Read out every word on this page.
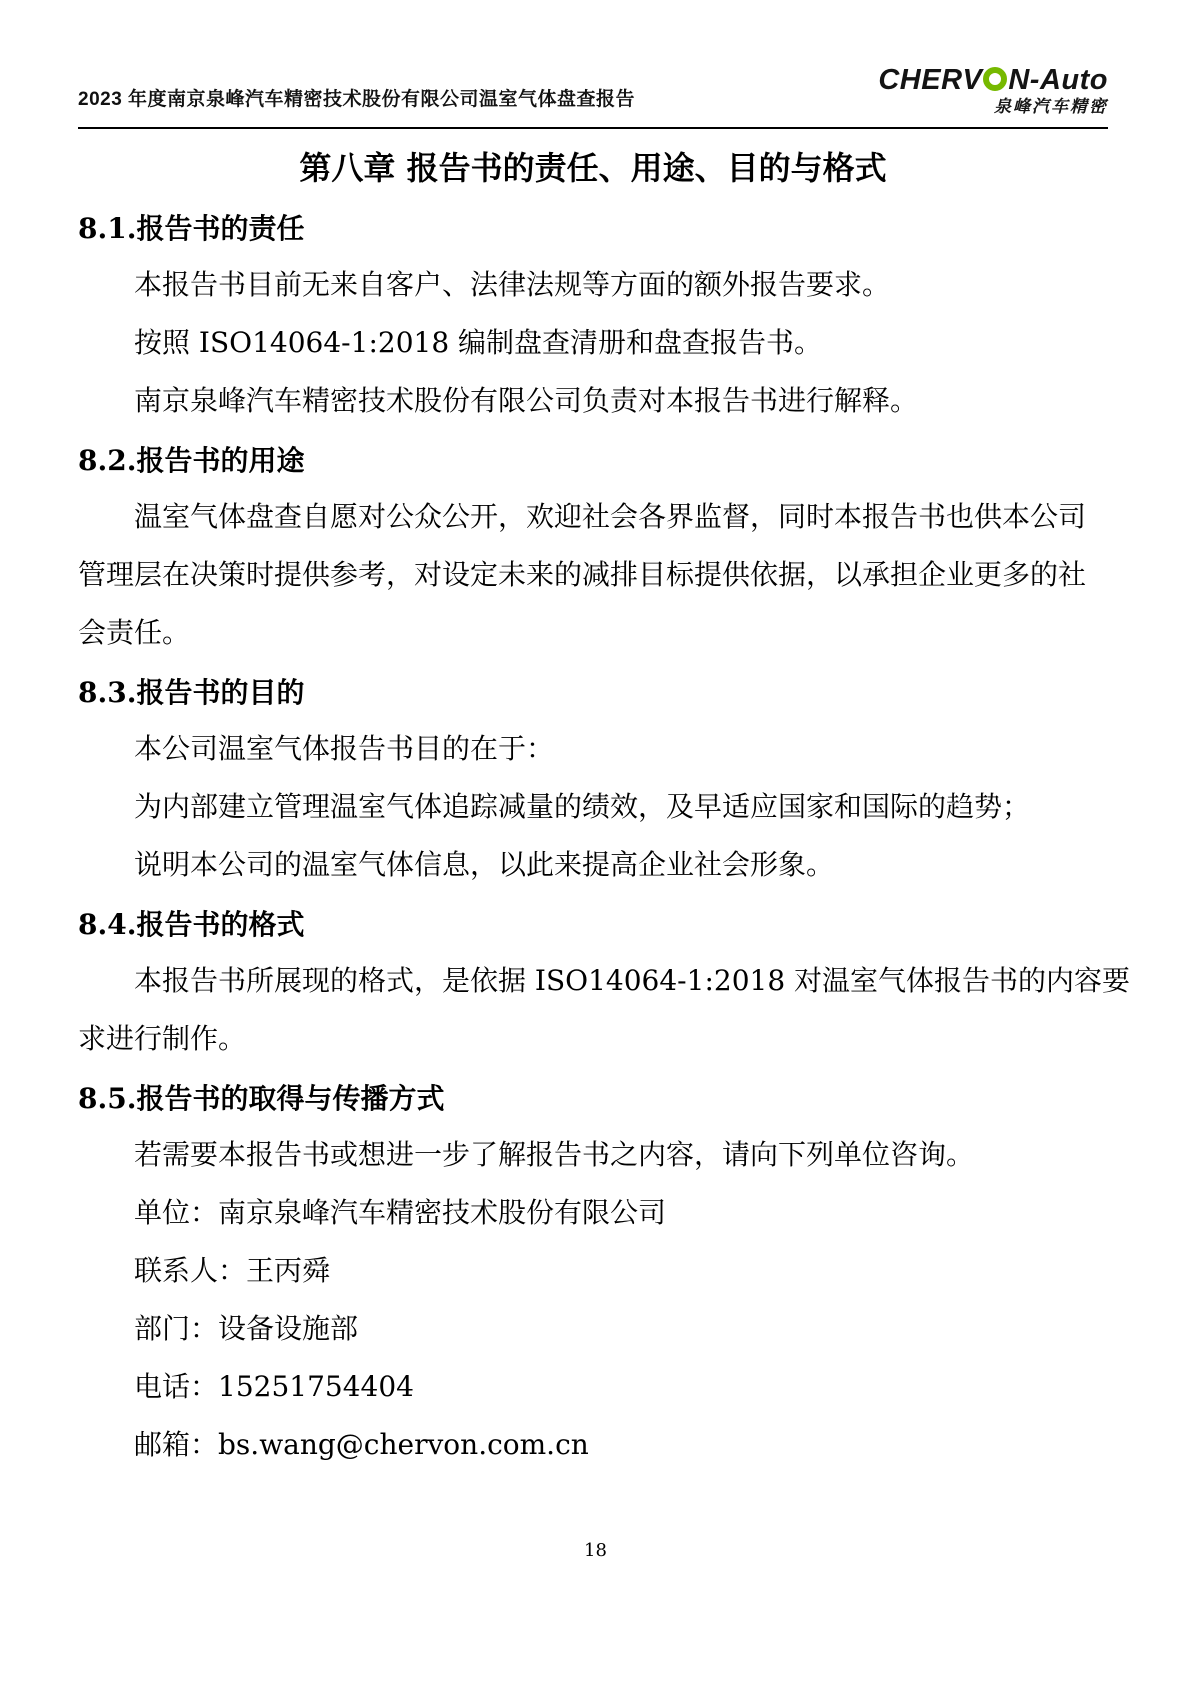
2023 年度南京泉峰汽车精密技术股份有限公司温室气体盘查报告
CHERV N-Auto
泉峰汽车精密
第八章 报告书的责任、用途、目的与格式
8.1.报告书的责任

本报告书目前无来自客户、法律法规等方面的额外报告要求。

按照 ISO14064-1:2018 编制盘查清册和盘查报告书。

南京泉峰汽车精密技术股份有限公司负责对本报告书进行解释。

8.2.报告书的用途

温室气体盘查自愿对公众公开，欢迎社会各界监督，同时本报告书也供本公司

管理层在决策时提供参考，对设定未来的减排目标提供依据，以承担企业更多的社

会责任。

8.3.报告书的目的

本公司温室气体报告书目的在于：

为内部建立管理温室气体追踪减量的绩效，及早适应国家和国际的趋势；

说明本公司的温室气体信息，以此来提高企业社会形象。

8.4.报告书的格式

本报告书所展现的格式，是依据 ISO14064-1:2018 对温室气体报告书的内容要

求进行制作。

8.5.报告书的取得与传播方式

若需要本报告书或想进一步了解报告书之内容，请向下列单位咨询。

单位：南京泉峰汽车精密技术股份有限公司

联系人：王丙舜

部门：设备设施部

电话：15251754404

邮箱：bs.wang@chervon.com.cn

18
